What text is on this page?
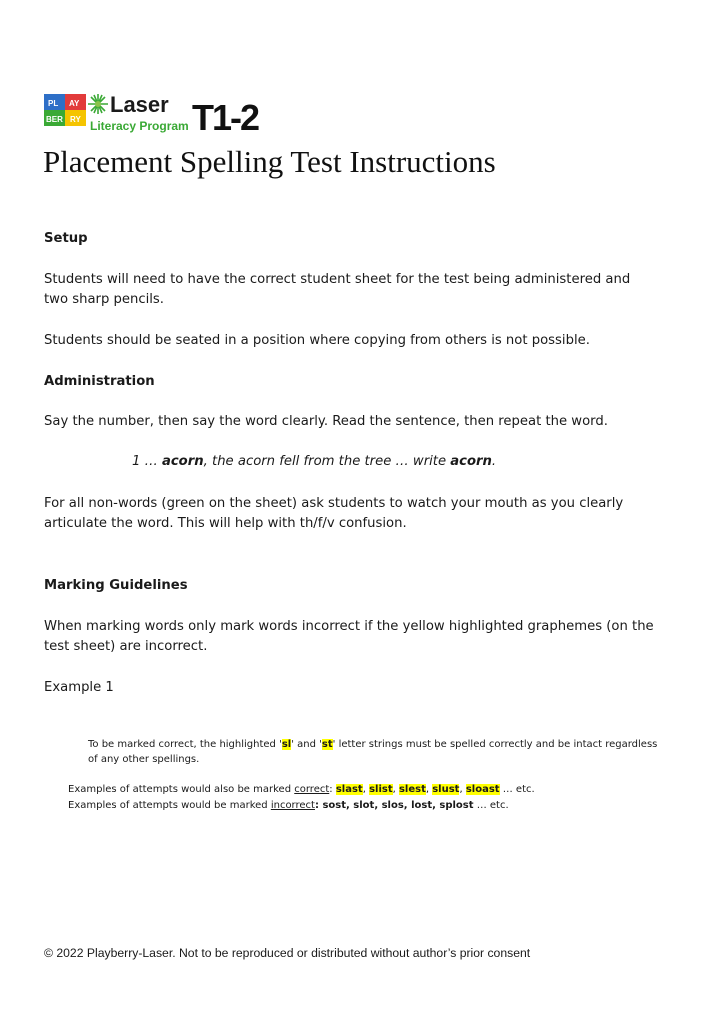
PL AY
BER RY
Laser
Literacy Program T1-2
Placement Spelling Test Instructions

Setup

Students will need to have the correct student sheet for the test being administered and

two sharp pencils.

Students should be seated in a position where copying from others is not possible.

Administration

Say the number, then say the word clearly. Read the sentence, then repeat the word.

1 … acorn, the acorn fell from the tree … write acorn.

For all non-words (green on the sheet) ask students to watch your mouth as you clearly

articulate the word. This will help with th/f/v confusion.

Marking Guidelines

When marking words only mark words incorrect if the yellow highlighted graphemes (on the

test sheet) are incorrect.

Example 1

To be marked correct, the highlighted 'sl' and 'st' letter strings must be spelled correctly and be intact regardless

of any other spellings.

Examples of attempts would also be marked correct: slast, slist, slest, slust, sloast … etc.

Examples of attempts would be marked incorrect: sost, slot, slos, lost, splost … etc.

© 2022 Playberry-Laser. Not to be reproduced or distributed without author’s prior consent
